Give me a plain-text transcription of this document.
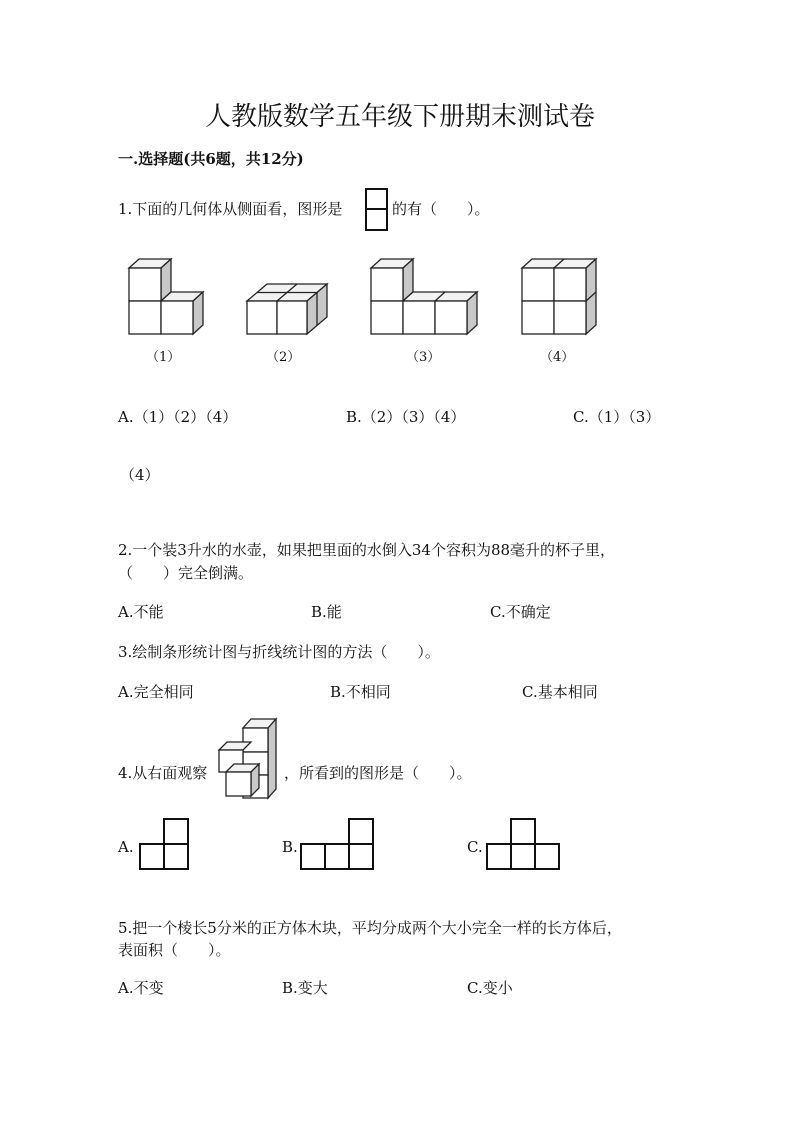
人教版数学五年级下册期末测试卷
一.选择题(共6题，共12分)
1.下面的几何体从侧面看，图形是	的有（　　）。
（1）	（2）	（3）	（4）
A.（1）（2）（4）	B.（2）（3）（4）	C.（1）（3）
（4）
2.一个装3升水的水壶，如果把里面的水倒入34个容积为88毫升的杯子里，
（　　）完全倒满。
A.不能	B.能	C.不确定
3.绘制条形统计图与折线统计图的方法（　　）。
A.完全相同	B.不相同	C.基本相同
4.从右面观察	，所看到的图形是（　　）。
A.	B.	C.
5.把一个棱长5分米的正方体木块，平均分成两个大小完全一样的长方体后，
表面积（　　）。
A.不变	B.变大	C.变小
